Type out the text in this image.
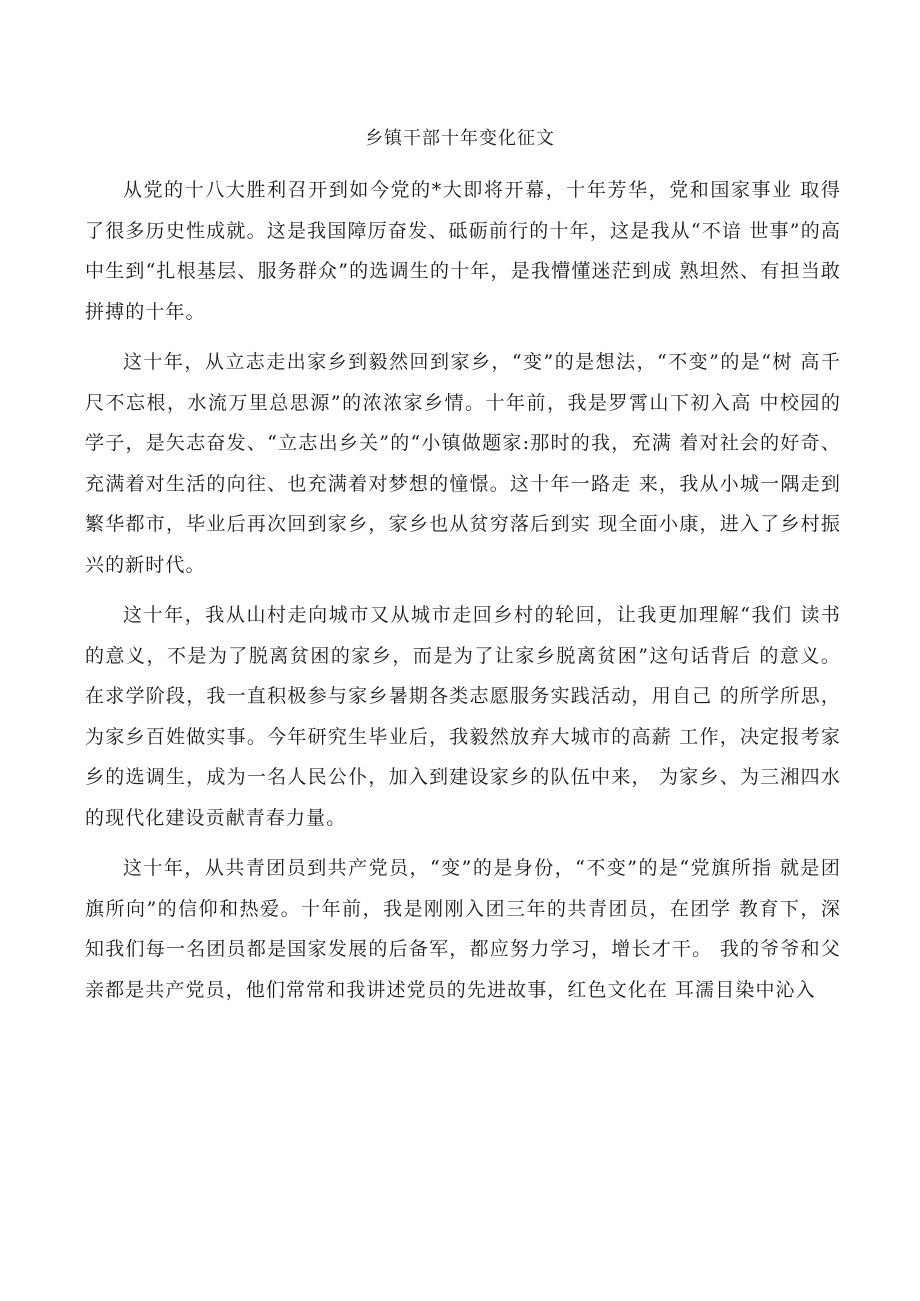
乡镇干部十年变化征文

从党的十八大胜利召开到如今党的*大即将开幕，十年芳华，党和国家事业 取得了很多历史性成就。这是我国障厉奋发、砥砺前行的十年，这是我从“不谙 世事”的高中生到“扎根基层、服务群众”的选调生的十年，是我懵懂迷茫到成 熟坦然、有担当敢拼搏的十年。

这十年，从立志走出家乡到毅然回到家乡，“变”的是想法，“不变”的是“树 高千尺不忘根，水流万里总思源”的浓浓家乡情。十年前，我是罗霄山下初入高 中校园的学子，是矢志奋发、“立志出乡关”的“小镇做题家:那时的我，充满 着对社会的好奇、充满着对生活的向往、也充满着对梦想的憧憬。这十年一路走 来，我从小城一隅走到繁华都市，毕业后再次回到家乡，家乡也从贫穷落后到实 现全面小康，进入了乡村振兴的新时代。

这十年，我从山村走向城市又从城市走回乡村的轮回，让我更加理解“我们 读书的意义，不是为了脱离贫困的家乡，而是为了让家乡脱离贫困”这句话背后 的意义。在求学阶段，我一直积极参与家乡暑期各类志愿服务实践活动，用自己 的所学所思，为家乡百姓做实事。今年研究生毕业后，我毅然放弃大城市的高薪 工作，决定报考家乡的选调生，成为一名人民公仆，加入到建设家乡的队伍中来， 为家乡、为三湘四水的现代化建设贡献青春力量。

这十年，从共青团员到共产党员，“变”的是身份，“不变”的是“党旗所指 就是团旗所向”的信仰和热爱。十年前，我是刚刚入团三年的共青团员，在团学 教育下，深知我们每一名团员都是国家发展的后备军，都应努力学习，增长才干。 我的爷爷和父亲都是共产党员，他们常常和我讲述党员的先进故事，红色文化在 耳濡目染中沁入
